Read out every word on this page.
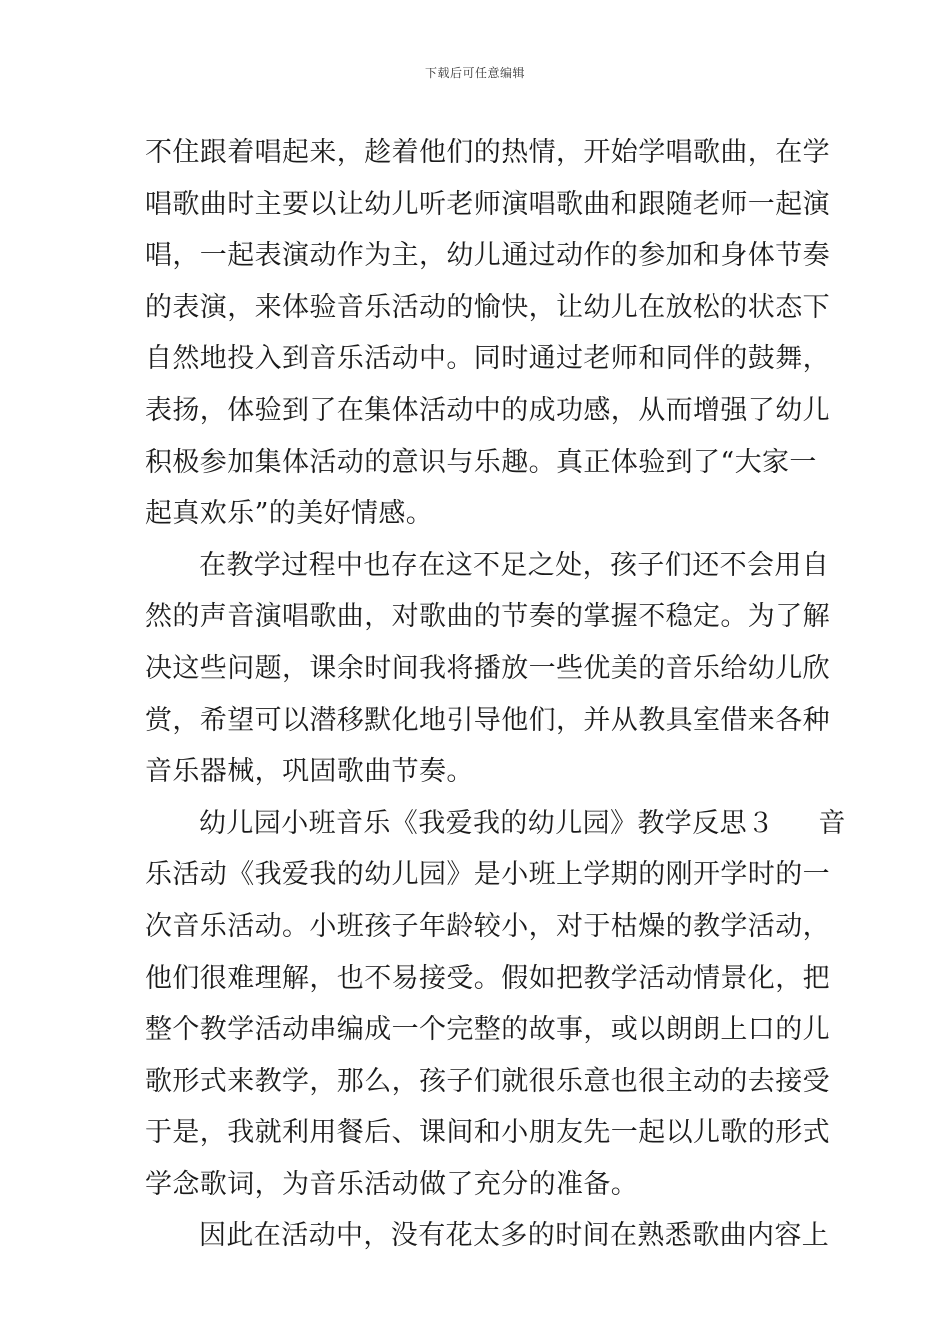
下载后可任意编辑
不住跟着唱起来，趁着他们的热情，开始学唱歌曲，在学
唱歌曲时主要以让幼儿听老师演唱歌曲和跟随老师一起演
唱，一起表演动作为主，幼儿通过动作的参加和身体节奏
的表演，来体验音乐活动的愉快，让幼儿在放松的状态下
自然地投入到音乐活动中。同时通过老师和同伴的鼓舞，
表扬，体验到了在集体活动中的成功感，从而增强了幼儿
积极参加集体活动的意识与乐趣。真正体验到了“大家一
起真欢乐”的美好情感。
在教学过程中也存在这不足之处，孩子们还不会用自
然的声音演唱歌曲，对歌曲的节奏的掌握不稳定。为了解
决这些问题，课余时间我将播放一些优美的音乐给幼儿欣
赏，希望可以潜移默化地引导他们，并从教具室借来各种
音乐器械，巩固歌曲节奏。
幼儿园小班音乐《我爱我的幼儿园》教学反思３ 音
乐活动《我爱我的幼儿园》是小班上学期的刚开学时的一
次音乐活动。小班孩子年龄较小，对于枯燥的教学活动，
他们很难理解，也不易接受。假如把教学活动情景化，把
整个教学活动串编成一个完整的故事，或以朗朗上口的儿
歌形式来教学，那么，孩子们就很乐意也很主动的去接受
于是，我就利用餐后、课间和小朋友先一起以儿歌的形式
学念歌词，为音乐活动做了充分的准备。
因此在活动中，没有花太多的时间在熟悉歌曲内容上
